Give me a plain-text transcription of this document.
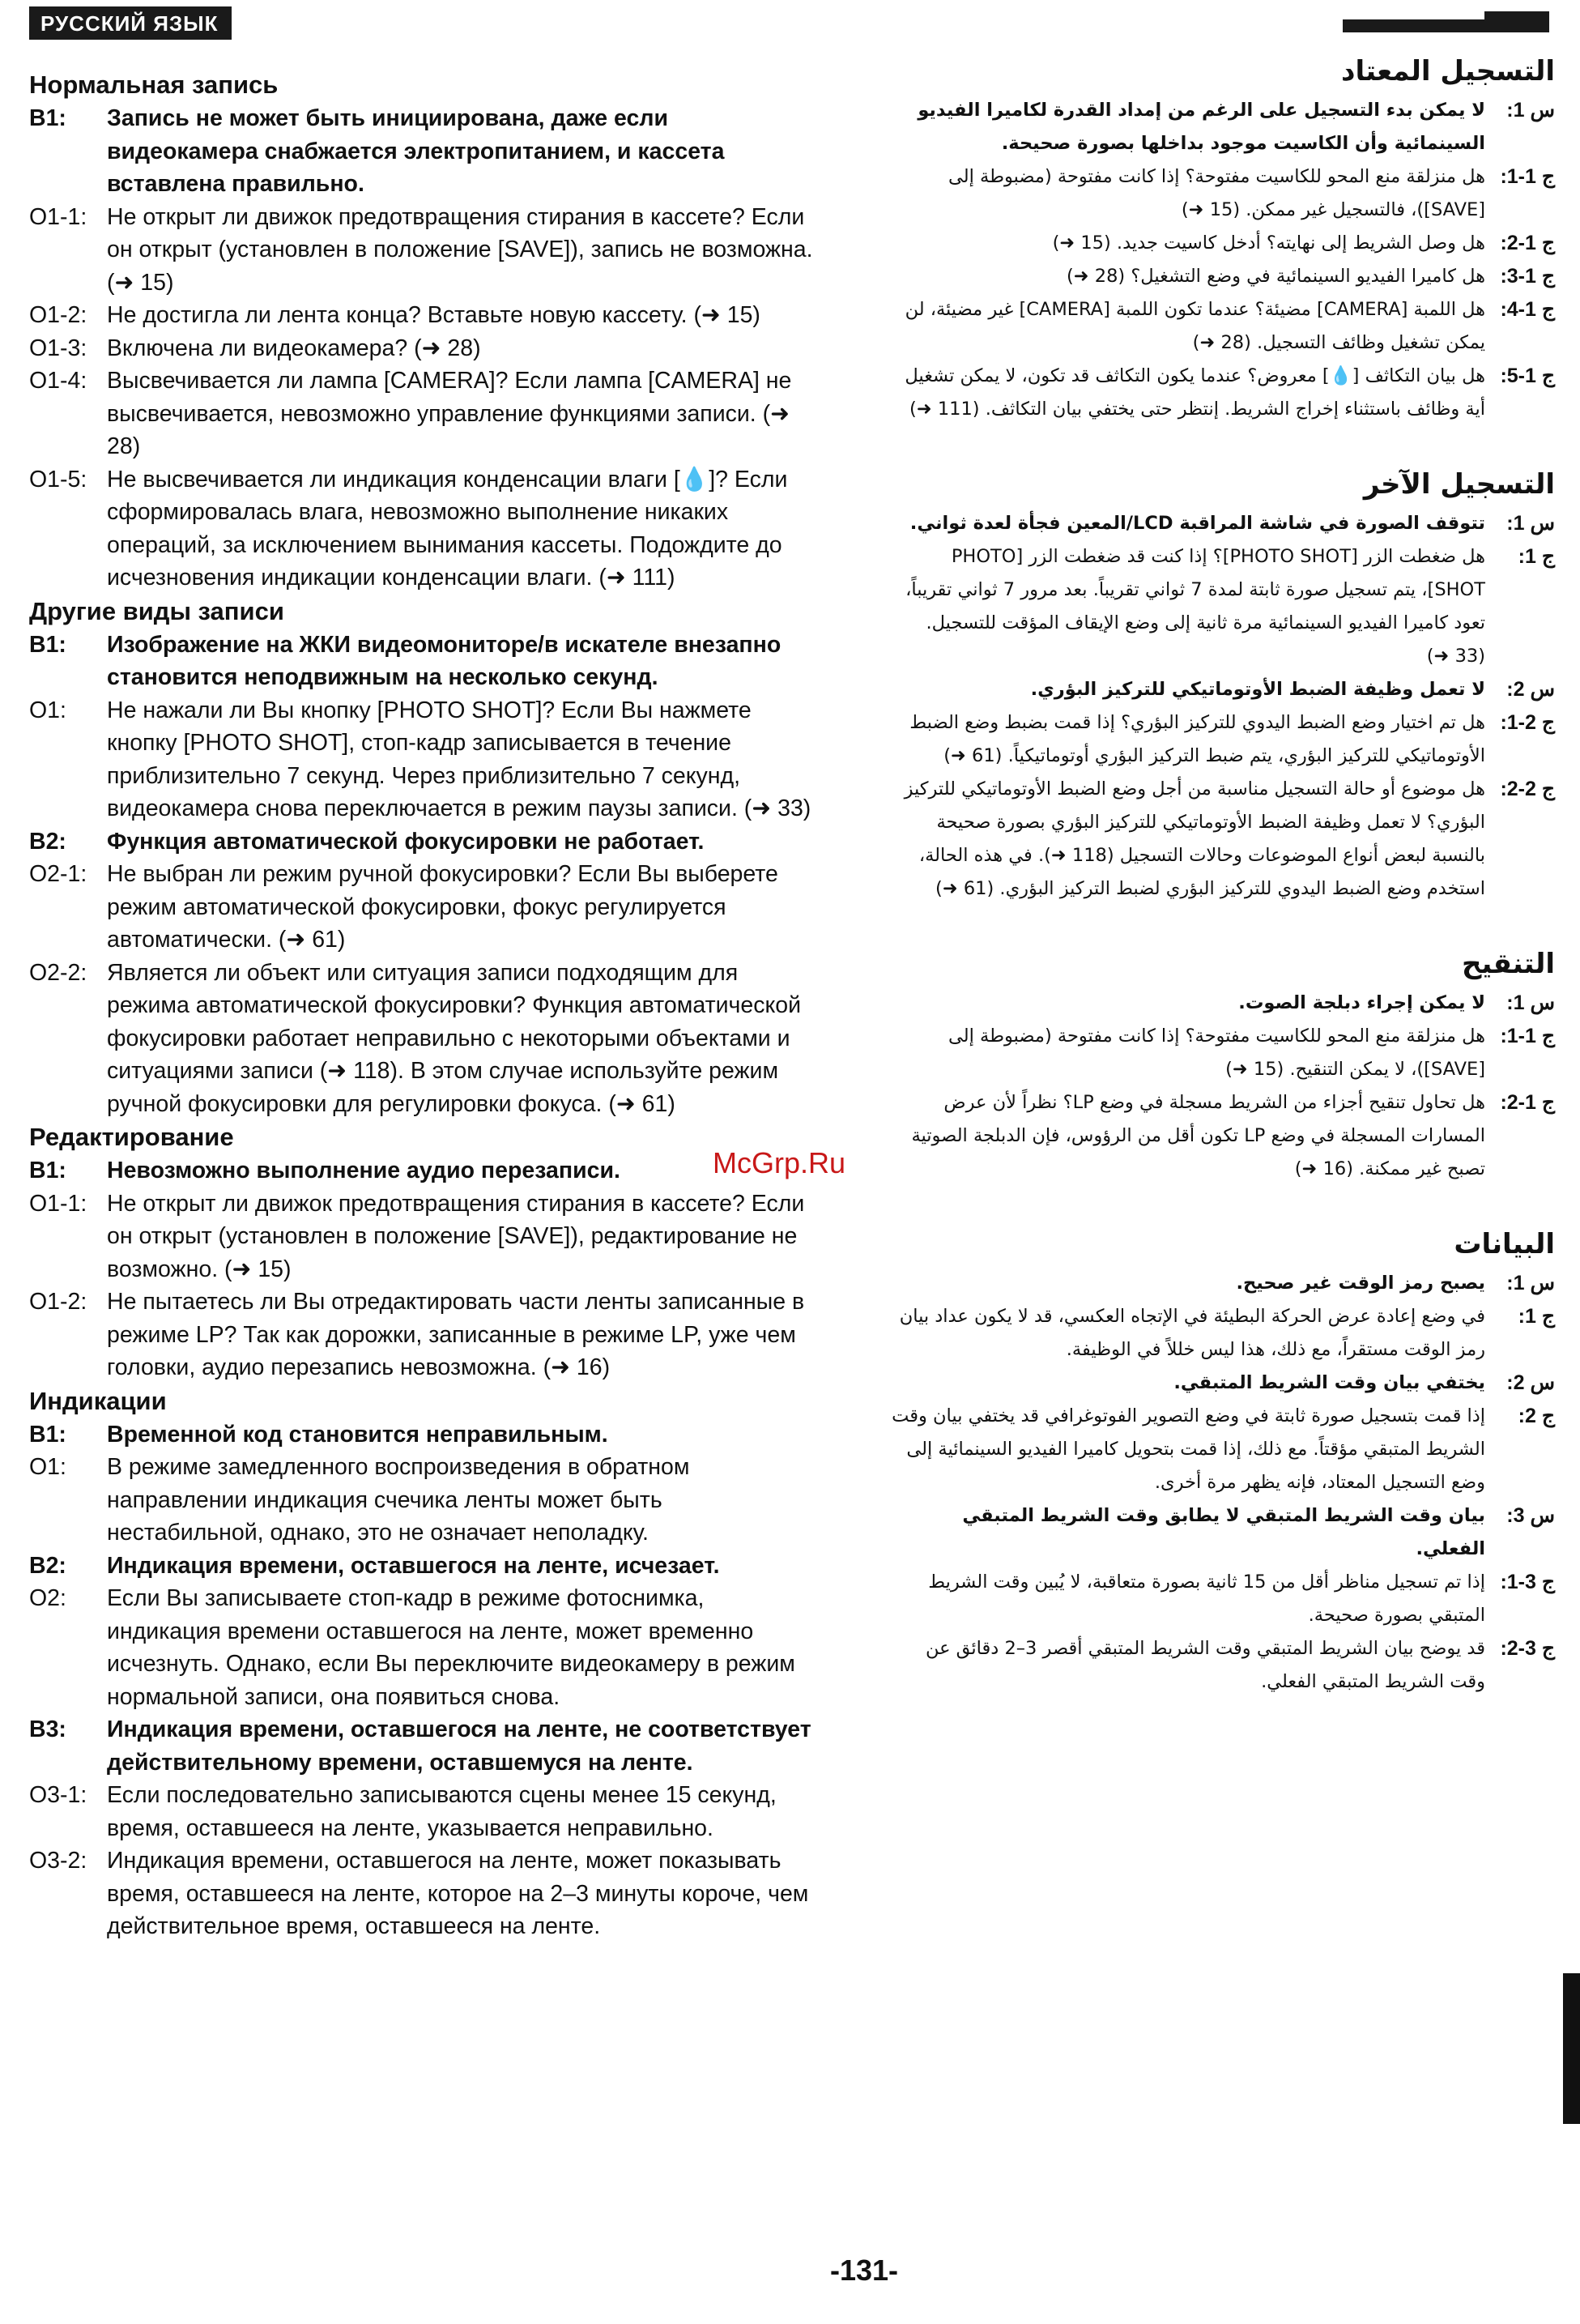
РУССКИЙ ЯЗЫК
Нормальная запись
В1:	Запись не может быть инициирована, даже если видеокамера снабжается электропитанием, и кассета вставлена правильно.
О1-1: Не открыт ли движок предотвращения стирания в кассете? Если он открыт (установлен в положение [SAVE]), запись не возможна. (➜ 15)
О1-2: Не достигла ли лента конца? Вставьте новую кассету. (➜ 15)
О1-3: Включена ли видеокамера? (➜ 28)
О1-4: Высвечивается ли лампа [CAMERA]? Если лампа [CAMERA] не высвечивается, невозможно управление функциями записи. (➜ 28)
О1-5: Не высвечивается ли индикация конденсации влаги [💧]? Если сформировалась влага, невозможно выполнение никаких операций, за исключением вынимания кассеты. Подождите до исчезновения индикации конденсации влаги. (➜ 111)
Другие виды записи
В1:	Изображение на ЖКИ видеомониторе/в искателе внезапно становится неподвижным на несколько секунд.
О1:	Не нажали ли Вы кнопку [PHOTO SHOT]? Если Вы нажмете кнопку [PHOTO SHOT], стоп-кадр записывается в течение приблизительно 7 секунд. Через приблизительно 7 секунд, видеокамера снова переключается в режим паузы записи. (➜ 33)
В2:	Функция автоматической фокусировки не работает.
О2-1: Не выбран ли режим ручной фокусировки? Если Вы выберете режим автоматической фокусировки, фокус регулируется автоматически. (➜ 61)
О2-2: Является ли объект или ситуация записи подходящим для режима автоматической фокусировки? Функция автоматической фокусировки работает неправильно с некоторыми объектами и ситуациями записи (➜ 118). В этом случае используйте режим ручной фокусировки для регулировки фокуса. (➜ 61)
Редактирование
В1:	Невозможно выполнение аудио перезаписи.
О1-1: Не открыт ли движок предотвращения стирания в кассете? Если он открыт (установлен в положение [SAVE]), редактирование не возможно. (➜ 15)
О1-2: Не пытаетесь ли Вы отредактировать части ленты записанные в режиме LP? Так как дорожки, записанные в режиме LP, уже чем головки, аудио перезапись невозможна. (➜ 16)
Индикации
В1:	Временной код становится неправильным.
О1:	В режиме замедленного воспроизведения в обратном направлении индикация счечика ленты может быть нестабильной, однако, это не означает неполадку.
В2:	Индикация времени, оставшегося на ленте, исчезает.
О2:	Если Вы записываете стоп-кадр в режиме фотоснимка, индикация времени оставшегося на ленте, может временно исчезнуть. Однако, если Вы переключите видеокамеру в режим нормальной записи, она появиться снова.
В3:	Индикация времени, оставшегося на ленте, не соответствует действительному времени, оставшемуся на ленте.
О3-1: Если последовательно записываются сцены менее 15 секунд, время, оставшееся на ленте, указывается неправильно.
О3-2: Индикация времени, оставшегося на ленте, может показывать время, оставшееся на ленте, которое на 2–3 минуты короче, чем действительное время, оставшееся на ленте.
التسجيل المعتاد
س 1:
لا يمكن بدء التسجيل على الرغم من إمداد القدرة لكاميرا الفيديو السينمائية وأن الكاسيت موجود بداخلها بصورة صحيحة.
ج 1-1:
هل منزلقة منع المحو للكاسيت مفتوحة؟ إذا كانت مفتوحة (مضبوطة إلى [SAVE])، فالتسجيل غير ممكن. (15 ➜)
ج 1-2:
هل وصل الشريط إلى نهايته؟ أدخل كاسيت جديد. (15 ➜)
ج 1-3:
هل كاميرا الفيديو السينمائية في وضع التشغيل؟ (28 ➜)
ج 1-4:
هل اللمبة [CAMERA] مضيئة؟ عندما تكون اللمبة [CAMERA] غير مضيئة، لن يمكن تشغيل وظائف التسجيل. (28 ➜)
ج 1-5:
هل بيان التكاثف [💧] معروض؟ عندما يكون التكاثف قد تكون، لا يمكن تشغيل أية وظائف باستثناء إخراج الشريط. إنتظر حتى يختفي بيان التكاثف. (111 ➜)
التسجيل الآخر
س 1:
تتوقف الصورة في شاشة المراقبة LCD/المعين فجأة لعدة ثواني.
ج 1:
هل ضغطت الزر [PHOTO SHOT]؟ إذا كنت قد ضغطت الزر [PHOTO SHOT]، يتم تسجيل صورة ثابتة لمدة 7 ثواني تقريباً. بعد مرور 7 ثواني تقريباً، تعود كاميرا الفيديو السينمائية مرة ثانية إلى وضع الإيقاف المؤقت للتسجيل. (33 ➜)
س 2:
لا تعمل وظيفة الضبط الأوتوماتيكي للتركيز البؤري.
ج 2-1:
هل تم اختيار وضع الضبط اليدوي للتركيز البؤري؟ إذا قمت بضبط وضع الضبط الأوتوماتيكي للتركيز البؤري، يتم ضبط التركيز البؤري أوتوماتيكياً. (61 ➜)
ج 2-2:
هل موضوع أو حالة التسجيل مناسبة من أجل وضع الضبط الأوتوماتيكي للتركيز البؤري؟ لا تعمل وظيفة الضبط الأوتوماتيكي للتركيز البؤري بصورة صحيحة بالنسبة لبعض أنواع الموضوعات وحالات التسجيل (118 ➜). في هذه الحالة، استخدم وضع الضبط اليدوي للتركيز البؤري لضبط التركيز البؤري. (61 ➜)
التنقيح
س 1:
لا يمكن إجراء دبلجة الصوت.
ج 1-1:
هل منزلقة منع المحو للكاسيت مفتوحة؟ إذا كانت مفتوحة (مضبوطة إلى [SAVE])، لا يمكن التنقيح. (15 ➜)
ج 1-2:
هل تحاول تنقيح أجزاء من الشريط مسجلة في وضع LP؟ نظراً لأن عرض المسارات المسجلة في وضع LP تكون أقل من الرؤوس، فإن الدبلجة الصوتية تصبح غير ممكنة. (16 ➜)
البيانات
س 1:
يصبح رمز الوقت غير صحيح.
ج 1:
في وضع إعادة عرض الحركة البطيئة في الإتجاه العكسي، قد لا يكون عداد بيان رمز الوقت مستقراً، مع ذلك، هذا ليس خللاً في الوظيفة.
س 2:
يختفي بيان وقت الشريط المتبقي.
ج 2:
إذا قمت بتسجيل صورة ثابتة في وضع التصوير الفوتوغرافي قد يختفي بيان وقت الشريط المتبقي مؤقتاً. مع ذلك، إذا قمت بتحويل كاميرا الفيديو السينمائية إلى وضع التسجيل المعتاد، فإنه يظهر مرة أخرى.
س 3:
بيان وقت الشريط المتبقي لا يطابق وقت الشريط المتبقي الفعلي.
ج 3-1:
إذا تم تسجيل مناظر أقل من 15 ثانية بصورة متعاقبة، لا يُبين وقت الشريط المتبقي بصورة صحيحة.
ج 3-2:
قد يوضح بيان الشريط المتبقي وقت الشريط المتبقي أقصر 3–2 دقائق عن وقت الشريط المتبقي الفعلي.
McGrp.Ru
-131-
